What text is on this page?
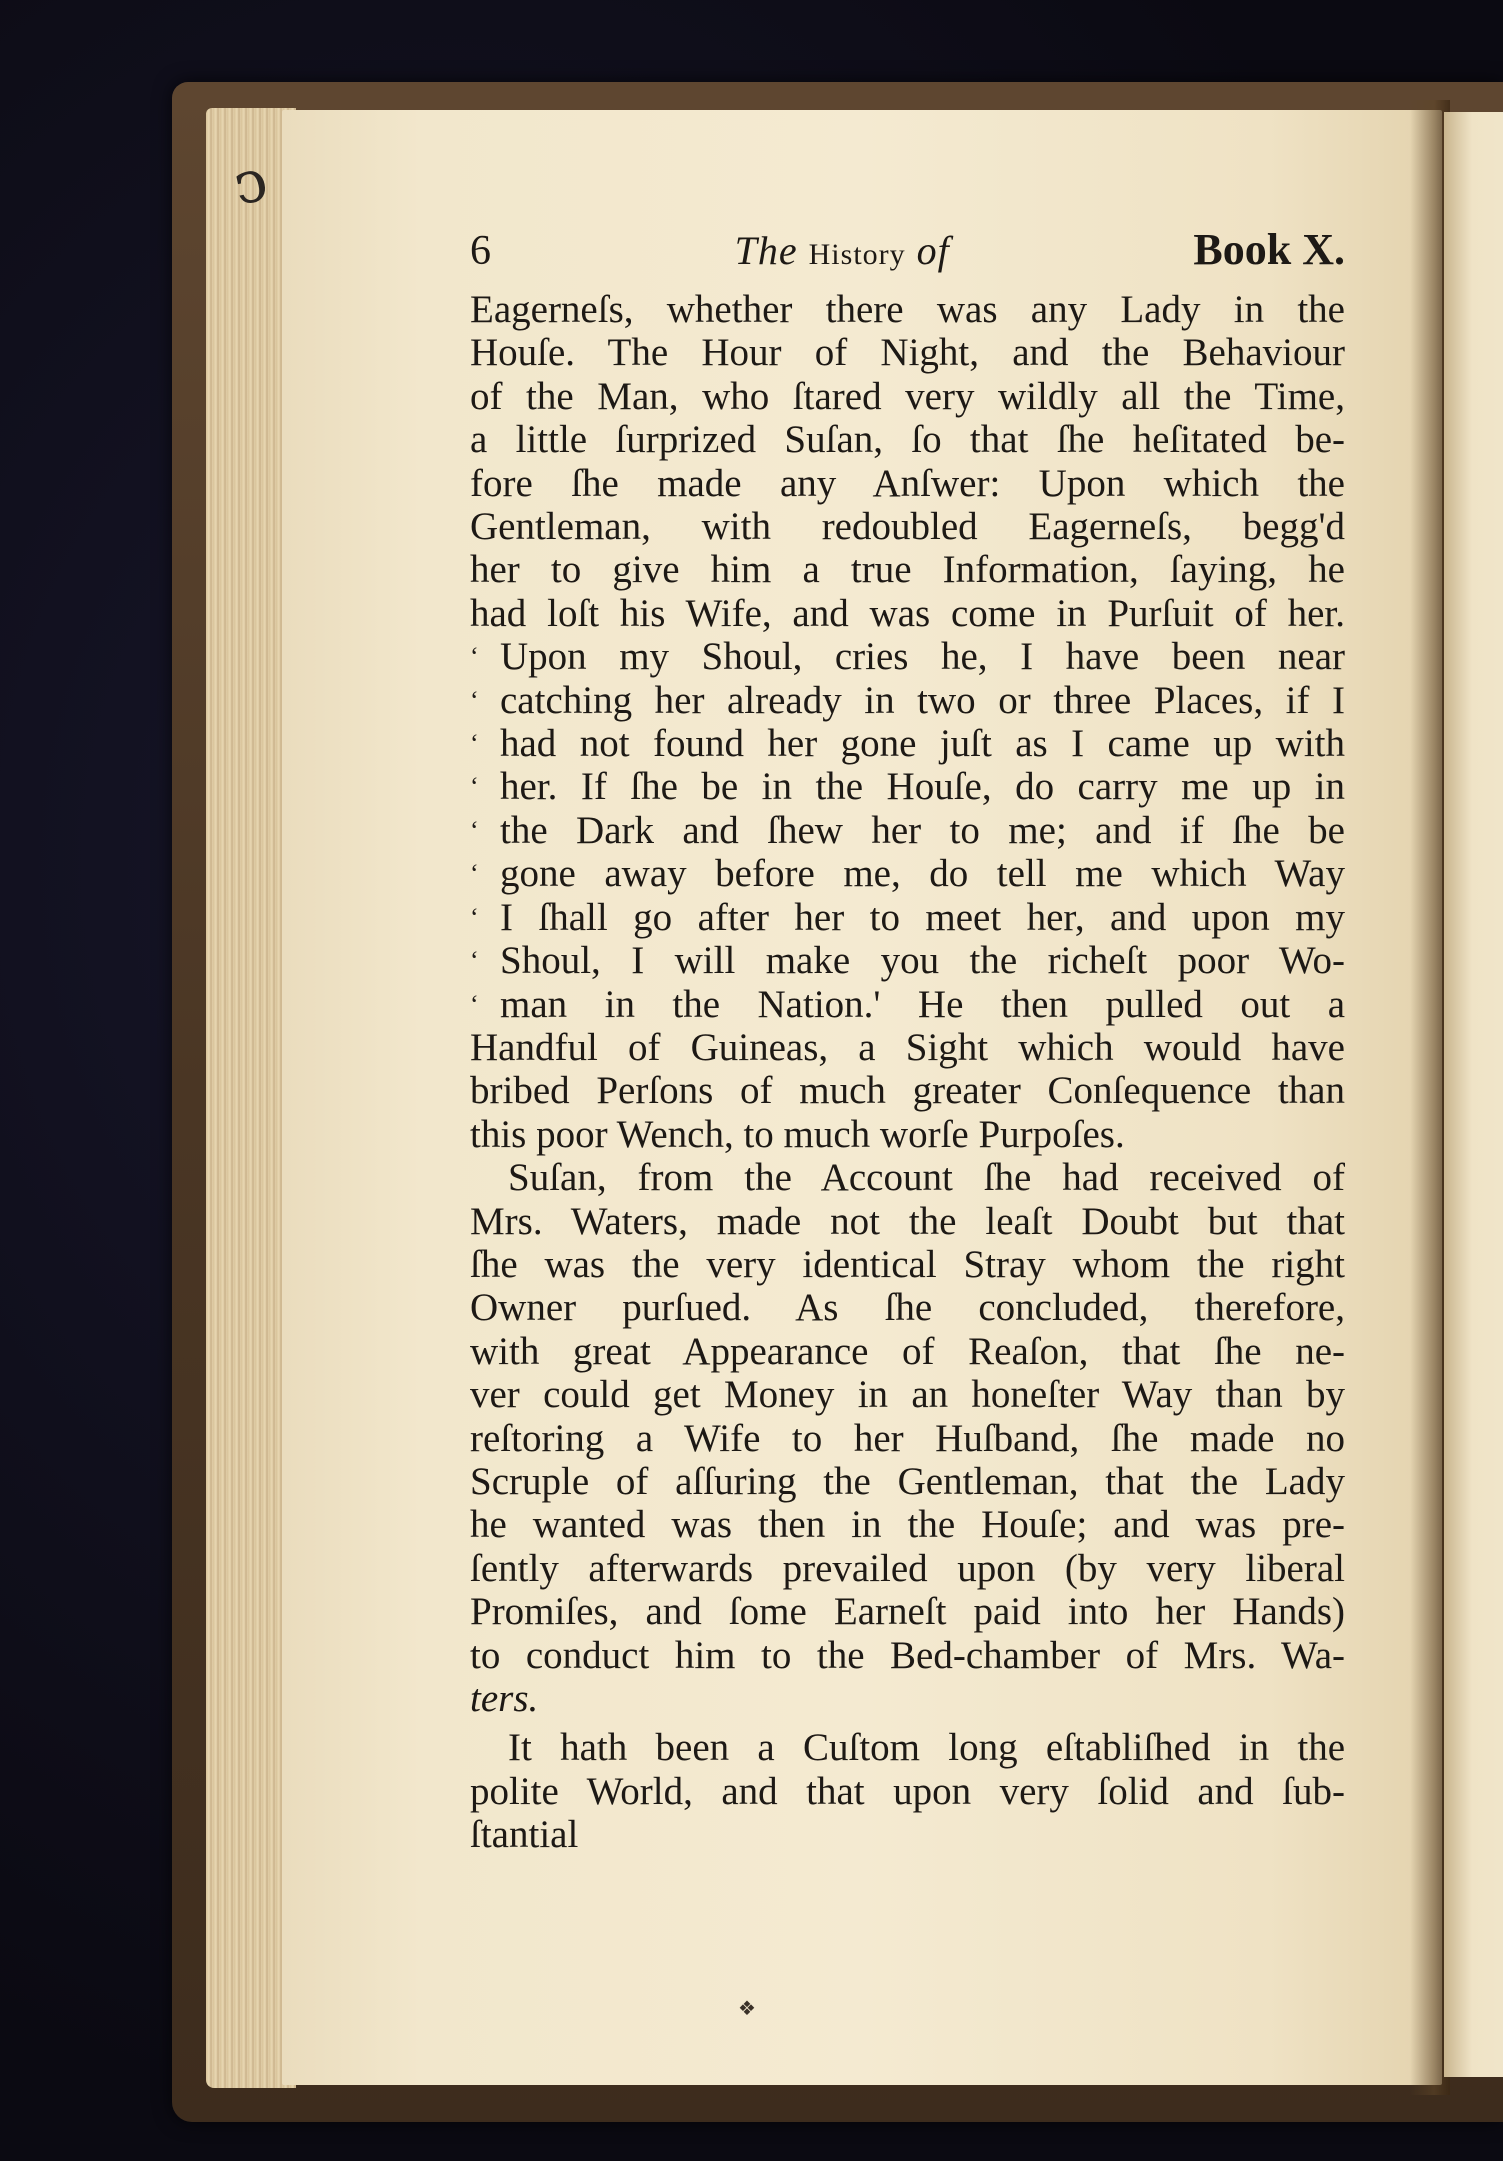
ↄ
6	The History of	Book X.
Eagerneſs, whether there was any Lady in the
Houſe. The Hour of Night, and the Behaviour
of the Man, who ſtared very wildly all the Time,
a little ſurprized Suſan, ſo that ſhe heſitated be-
fore ſhe made any Anſwer: Upon which the
Gentleman, with redoubled Eagerneſs, begg'd
her to give him a true Information, ſaying, he
had loſt his Wife, and was come in Purſuit of her.
‘ Upon my Shoul, cries he, I have been near
‘ catching her already in two or three Places, if I
‘ had not found her gone juſt as I came up with
‘ her. If ſhe be in the Houſe, do carry me up in
‘ the Dark and ſhew her to me; and if ſhe be
‘ gone away before me, do tell me which Way
‘ I ſhall go after her to meet her, and upon my
‘ Shoul, I will make you the richeſt poor Wo-
‘ man in the Nation.' He then pulled out a
Handful of Guineas, a Sight which would have
bribed Perſons of much greater Conſequence than
this poor Wench, to much worſe Purpoſes.
Suſan, from the Account ſhe had received of
Mrs. Waters, made not the leaſt Doubt but that
ſhe was the very identical Stray whom the right
Owner purſued. As ſhe concluded, therefore,
with great Appearance of Reaſon, that ſhe ne-
ver could get Money in an honeſter Way than by
reſtoring a Wife to her Huſband, ſhe made no
Scruple of aſſuring the Gentleman, that the Lady
he wanted was then in the Houſe; and was pre-
ſently afterwards prevailed upon (by very liberal
Promiſes, and ſome Earneſt paid into her Hands)
to conduct him to the Bed-chamber of Mrs. Wa-
ters.
It hath been a Cuſtom long eſtabliſhed in the
polite World, and that upon very ſolid and ſub-
ſtantial
❖
